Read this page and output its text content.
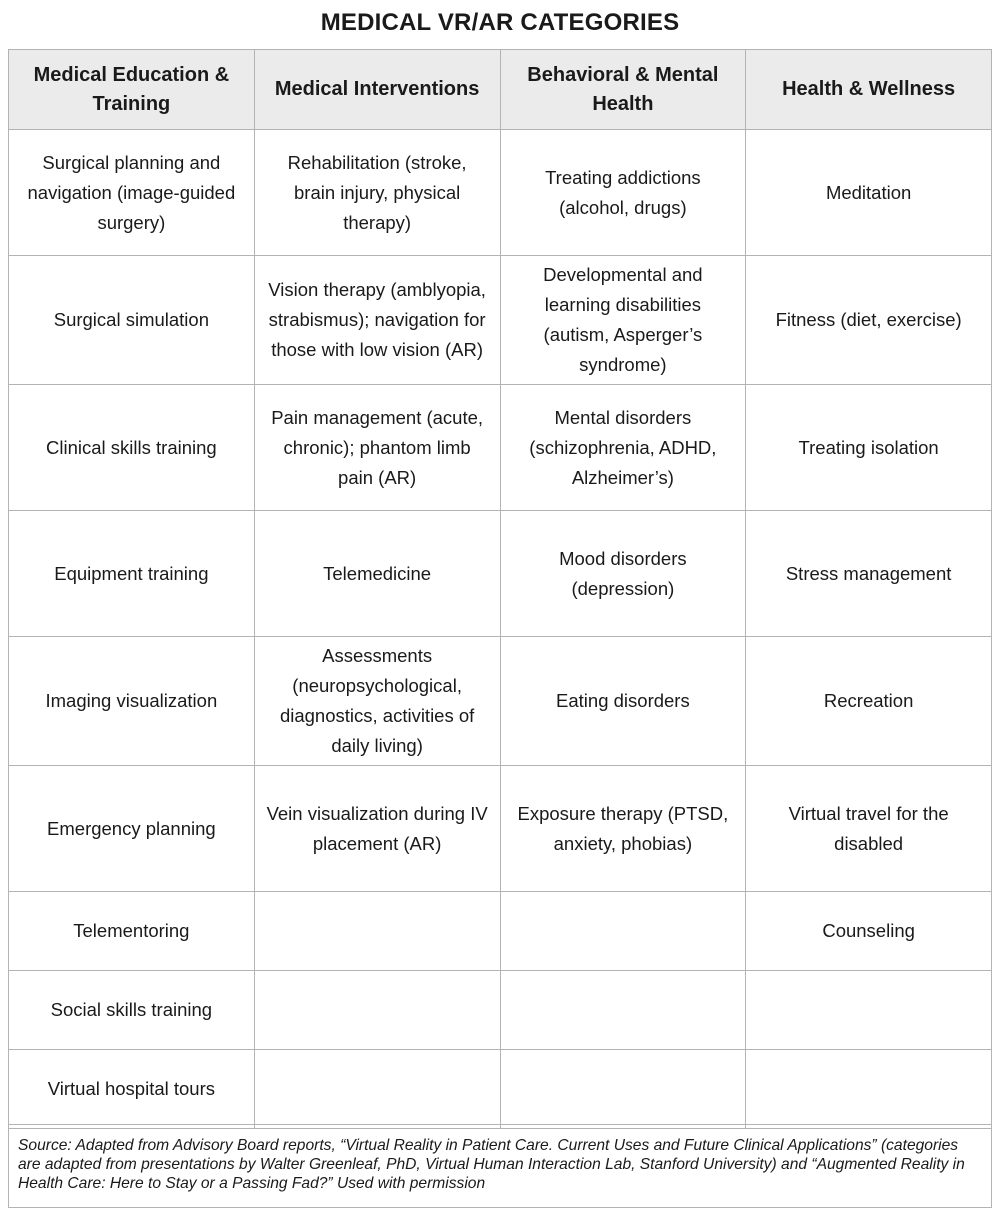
MEDICAL VR/AR CATEGORIES
Medical Education & Training	Medical Interventions	Behavioral & Mental Health	Health & Wellness
Surgical planning and navigation (image-guided surgery)	Rehabilitation (stroke, brain injury, physical therapy)	Treating addictions (alcohol, drugs)	Meditation
Surgical simulation	Vision therapy (amblyopia, strabismus); navigation for those with low vision (AR)	Developmental and learning disabilities (autism, Asperger’s syndrome)	Fitness (diet, exercise)
Clinical skills training	Pain management (acute, chronic); phantom limb pain (AR)	Mental disorders (schizophrenia, ADHD, Alzheimer’s)	Treating isolation
Equipment training	Telemedicine	Mood disorders (depression)	Stress management
Imaging visualization	Assessments (neuropsychological, diagnostics, activities of daily living)	Eating disorders	Recreation
Emergency planning	Vein visualization during IV placement (AR)	Exposure therapy (PTSD, anxiety, phobias)	Virtual travel for the disabled
Telementoring			Counseling
Social skills training			
Virtual hospital tours			
Source: Adapted from Advisory Board reports, “Virtual Reality in Patient Care. Current Uses and Future Clinical Applications” (categories are adapted from presentations by Walter Greenleaf, PhD, Virtual Human Interaction Lab, Stanford University) and “Augmented Reality in Health Care: Here to Stay or a Passing Fad?” Used with permission
